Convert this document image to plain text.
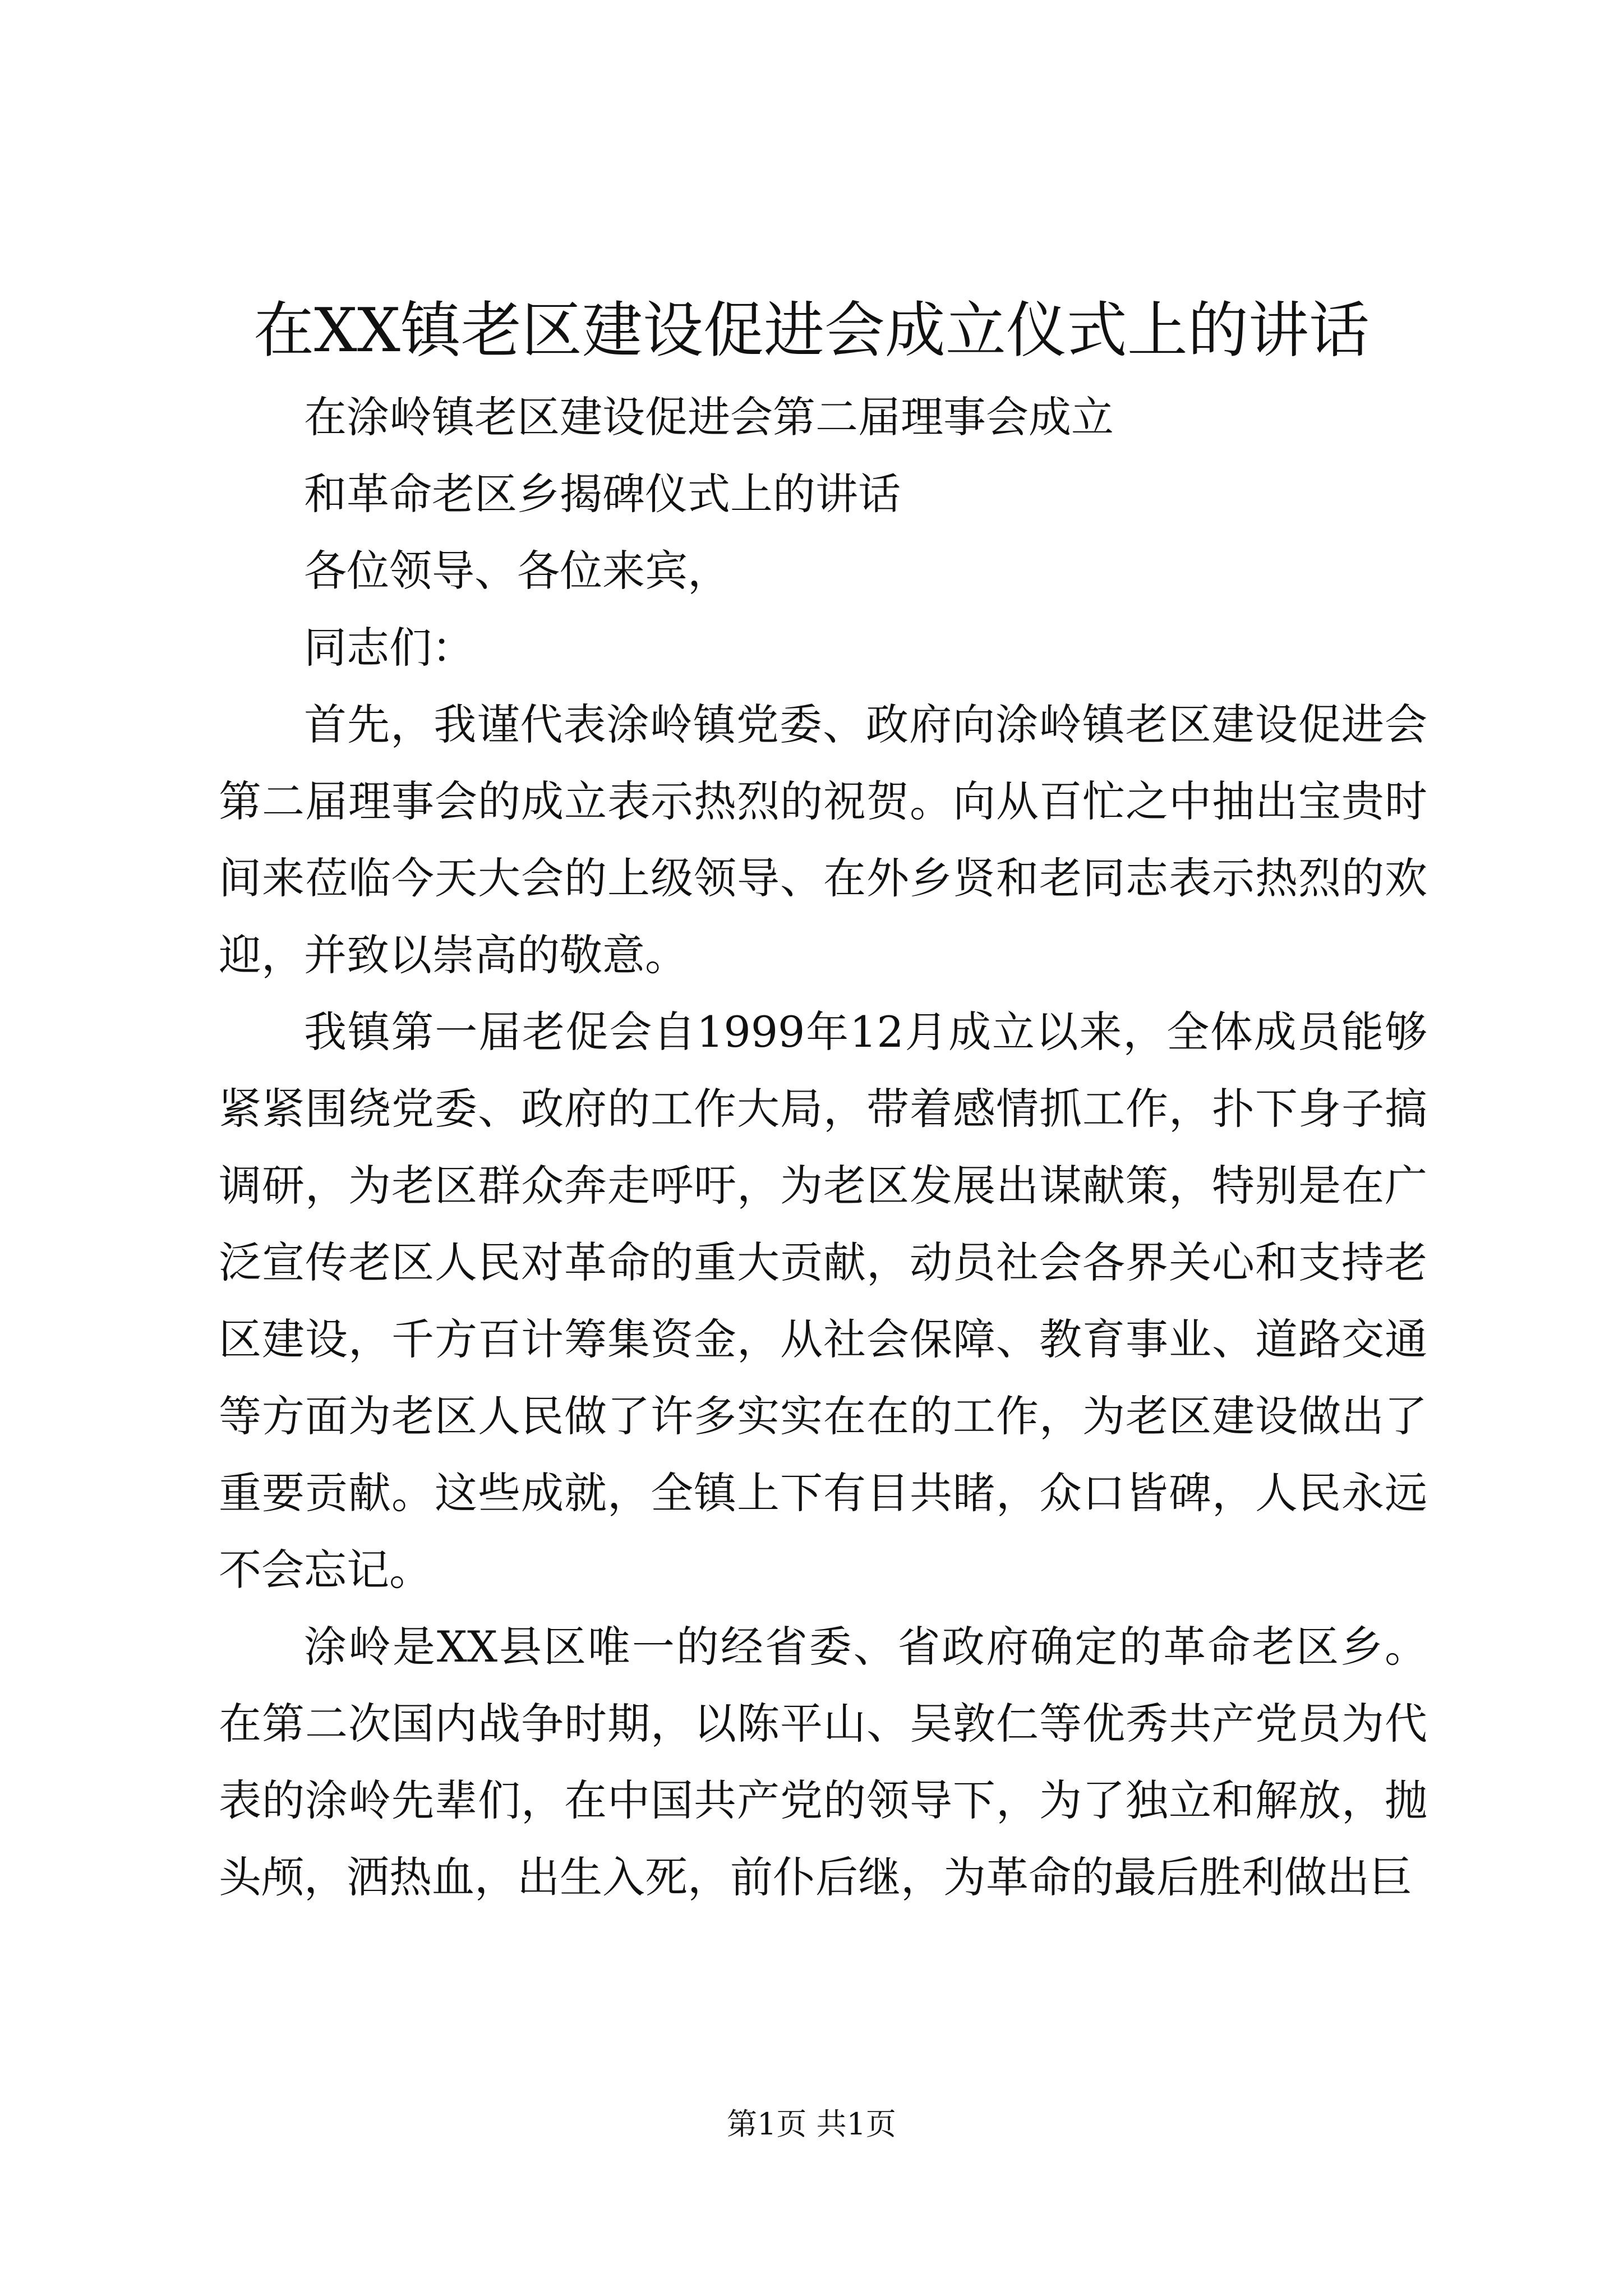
在XX镇老区建设促进会成立仪式上的讲话

在涂岭镇老区建设促进会第二届理事会成立

和革命老区乡揭碑仪式上的讲话

各位领导、各位来宾，

同志们：

首先，我谨代表涂岭镇党委、政府向涂岭镇老区建设促进会第二届理事会的成立表示热烈的祝贺。向从百忙之中抽出宝贵时间来莅临今天大会的上级领导、在外乡贤和老同志表示热烈的欢迎，并致以崇高的敬意。

我镇第一届老促会自1999年12月成立以来，全体成员能够紧紧围绕党委、政府的工作大局，带着感情抓工作，扑下身子搞调研，为老区群众奔走呼吁，为老区发展出谋献策，特别是在广泛宣传老区人民对革命的重大贡献，动员社会各界关心和支持老区建设，千方百计筹集资金，从社会保障、教育事业、道路交通等方面为老区人民做了许多实实在在的工作，为老区建设做出了重要贡献。这些成就，全镇上下有目共睹，众口皆碑，人民永远不会忘记。

涂岭是XX县区唯一的经省委、省政府确定的革命老区乡。在第二次国内战争时期，以陈平山、吴敦仁等优秀共产党员为代表的涂岭先辈们，在中国共产党的领导下，为了独立和解放，抛头颅，洒热血，出生入死，前仆后继，为革命的最后胜利做出巨

第1页 共1页
